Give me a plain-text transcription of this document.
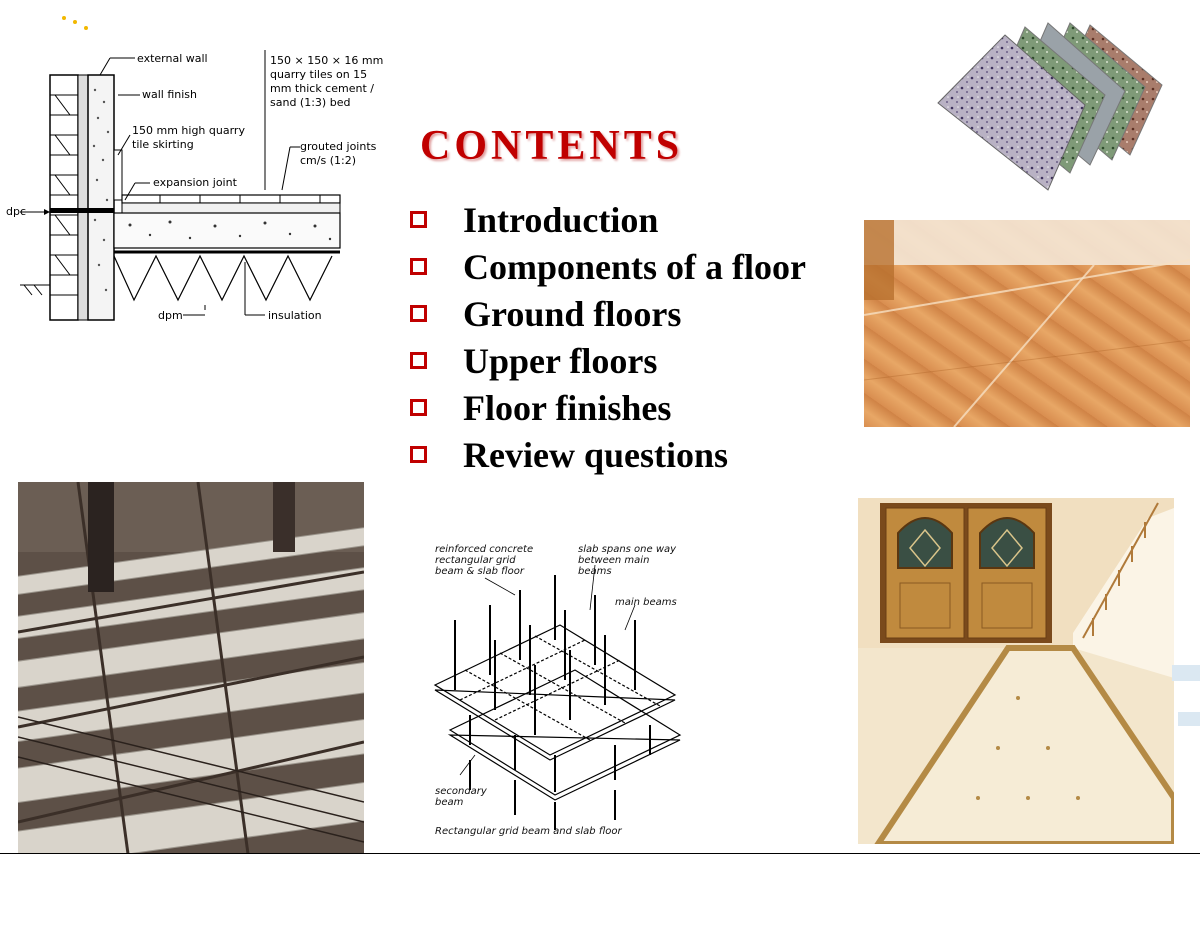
external wall
wall finish
150 mm high quarry tile skirting
expansion joint
dpc
150 × 150 × 16 mm quarry tiles on 15 mm thick cement / sand (1:3) bed
grouted joints cm/s (1:2)
dpm	insulation
CONTENTS
Introduction
Components of a floor
Ground floors
Upper floors
Floor finishes
Review questions
reinforced concrete rectangular grid beam & slab floor
slab spans one way between main beams
main beams
secondary beam
Rectangular grid beam and slab floor
